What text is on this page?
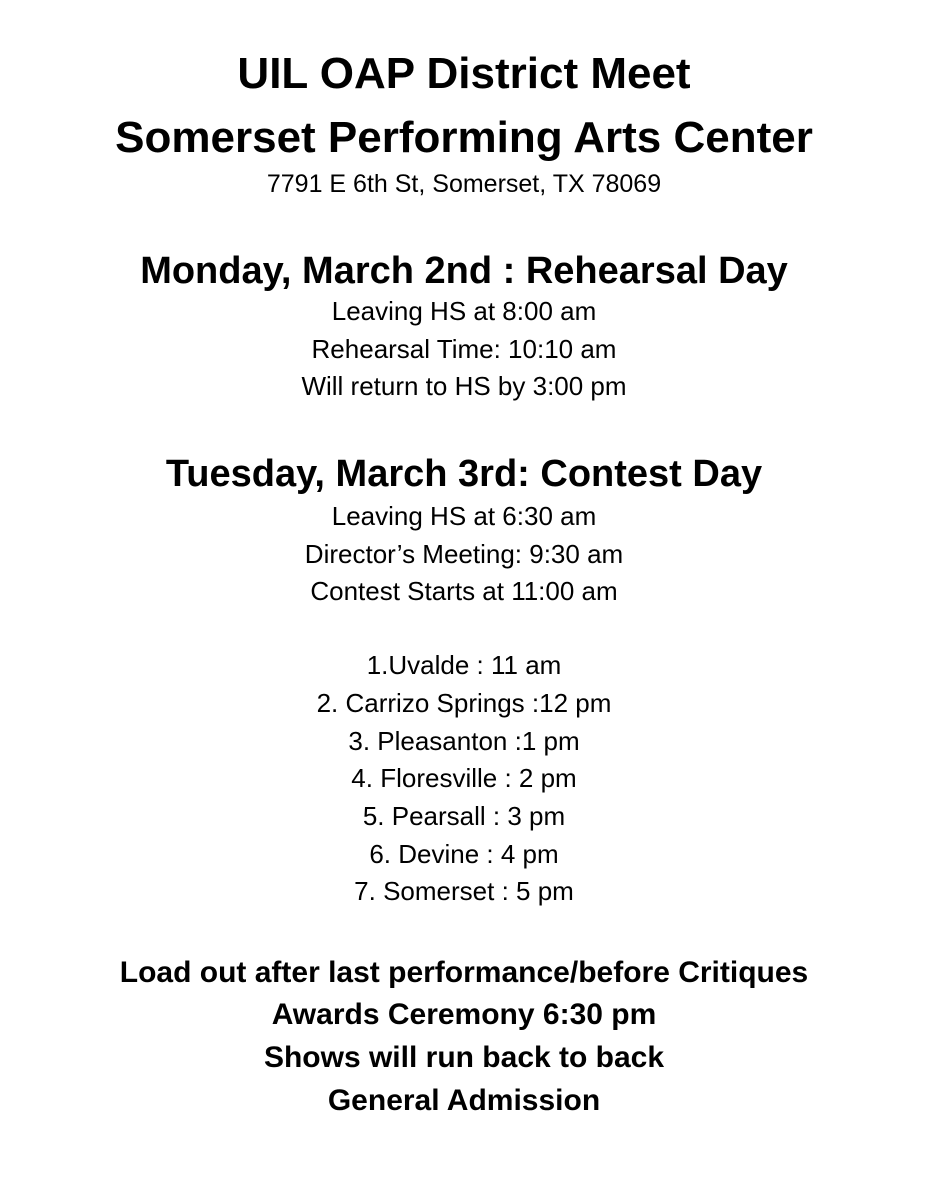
UIL OAP District Meet
Somerset Performing Arts Center
7791 E 6th St, Somerset, TX 78069
Monday, March 2nd : Rehearsal Day
Leaving HS at 8:00 am
Rehearsal Time: 10:10 am
Will return to HS by 3:00 pm
Tuesday, March 3rd: Contest Day
Leaving HS at 6:30 am
Director’s Meeting: 9:30 am
Contest Starts at 11:00 am
1.Uvalde : 11 am
2. Carrizo Springs :12 pm
3. Pleasanton :1 pm
4. Floresville : 2 pm
5. Pearsall : 3 pm
6. Devine : 4 pm
7. Somerset : 5 pm
Load out after last performance/before Critiques
Awards Ceremony 6:30 pm
Shows will run back to back
General Admission
